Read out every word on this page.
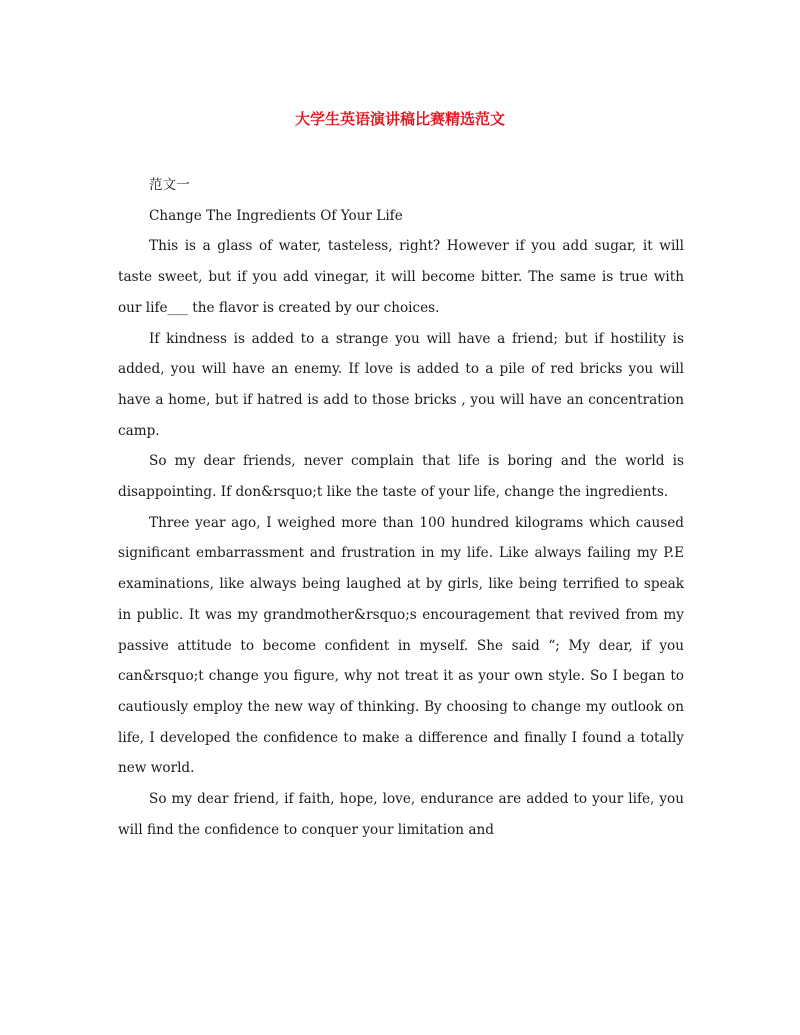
大学生英语演讲稿比赛精选范文

范文一

Change The Ingredients Of Your Life

This is a glass of water, tasteless, right? However if you add sugar, it will taste sweet, but if you add vinegar, it will become bitter. The same is true with our life___ the flavor is created by our choices.

If kindness is added to a strange you will have a friend; but if hostility is added, you will have an enemy. If love is added to a pile of red bricks you will have a home, but if hatred is add to those bricks , you will have an concentration camp.

So my dear friends, never complain that life is boring and the world is disappointing. If don&rsquo;t like the taste of your life, change the ingredients.

Three year ago, I weighed more than 100 hundred kilograms which caused significant embarrassment and frustration in my life. Like always failing my P.E examinations, like always being laughed at by girls, like being terrified to speak in public. It was my grandmother&rsquo;s encouragement that revived from my passive attitude to become confident in myself. She said “; My dear, if you can&rsquo;t change you figure, why not treat it as your own style. So I began to cautiously employ the new way of thinking. By choosing to change my outlook on life, I developed the confidence to make a difference and finally I found a totally new world.

So my dear friend, if faith, hope, love, endurance are added to your life, you will find the confidence to conquer your limitation and
